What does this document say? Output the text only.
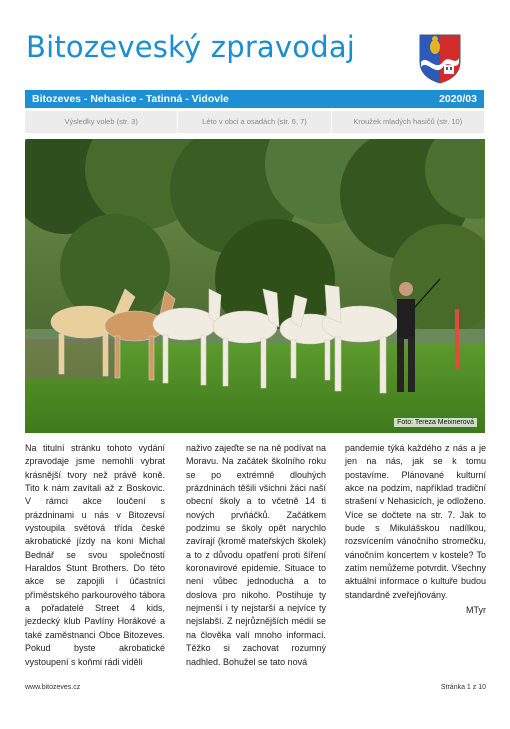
Bitozeveský zpravodaj
Bitozeves - Nehasice - Tatinná - Vidovle	2020/03
Výsledky voleb (str. 3)	Léto v obci a osadách (str. 6, 7)	Kroužek mladých hasičů (str. 10)
Foto: Tereza Meixnerová

Na titulní stránku tohoto vydání zpravodaje jsme nemohli vybrat krásnější tvory než právě koně. Tito k nám zavítali až z Boskovic. V rámci akce loučení s prázdninami u nás v Bitozevsí vystoupila světová třída české akrobatické jízdy na koni Michal Bednář se svou společností Haraldos Stunt Brothers. Do této akce se zapojili i účastníci příměstského parkourového tábora a pořadatelé Street 4 kids, jezdecký klub Pavlíny Horákové a také zaměstnanci Obce Bitozeves. Pokud byste akrobatické vystoupení s koňmi rádi viděli

naživo zajeďte se na ně podívat na Moravu. Na začátek školního roku se po extrémně dlouhých prázdninách těšili všichni žáci naší obecní školy a to včetně 14 ti nových prvňáčků. Začátkem podzimu se školy opět narychlo zavírají (kromě mateřských školek) a to z důvodu opatření proti šíření koronavirové epidemie. Situace to není vůbec jednoduchá a to doslova pro nikoho. Postihuje ty nejmenší i ty nejstarší a nejvíce ty nejslabší. Z nejrůznějších médií se na člověka valí mnoho informací. Těžko si zachovat rozumný nadhled. Bohužel se tato nová

pandemie týká každého z nás a je jen na nás, jak se k tomu postavíme. Plánované kulturní akce na podzim, například tradiční strašení v Nehasicích, je odloženo. Více se dočtete na str. 7. Jak to bude s Mikulášskou nadílkou, rozsvícením vánočního stromečku, vánočním koncertem v kostele? To zatím nemůžeme potvrdit. Všechny aktuální informace o kultuře budou standardně zveřejňovány.

MTyr

www.bitozeves.cz	Stránka 1 z 10
